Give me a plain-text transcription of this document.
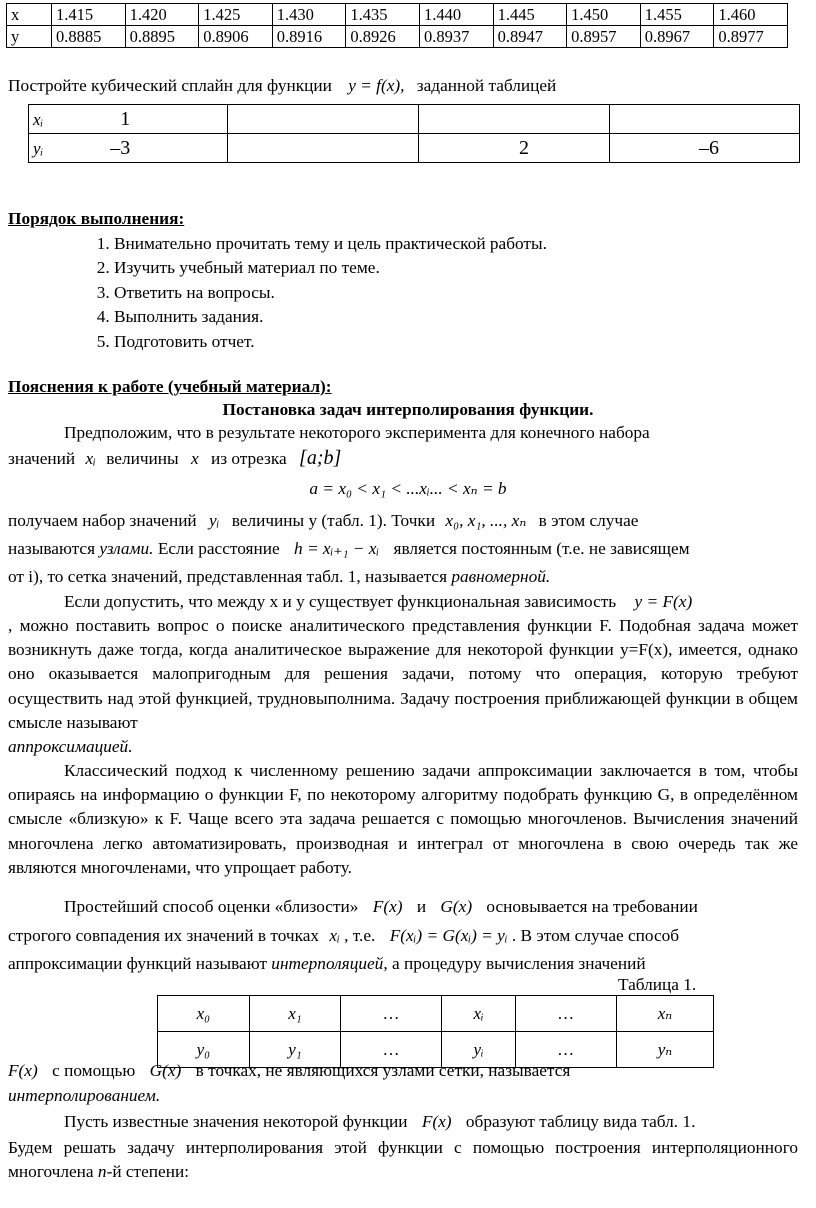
x	1.415	1.420	1.425	1.430	1.435	1.440	1.445	1.450	1.455	1.460
y	0.8885	0.8895	0.8906	0.8916	0.8926	0.8937	0.8947	0.8957	0.8967	0.8977
Постройте кубический сплайн для функции y = f(x), заданной таблицей
xᵢ 1			
yᵢ –3		2	–6
Порядок выполнения:
1. Внимательно прочитать тему и цель практической работы.
2. Изучить учебный материал по теме.
3. Ответить на вопросы.
4. Выполнить задания.
5. Подготовить отчет.
Пояснения к работе (учебный материал):
Постановка задач интерполирования функции.
Предположим, что в результате некоторого эксперимента для конечного набора
значений xᵢ величины x из отрезка [a;b]
a = x₀ < x₁ < ...xᵢ... < xₙ = b
получаем набор значений yᵢ величины y (табл. 1). Точки x₀, x₁, ..., xₙ в этом случае
называются узлами. Если расстояние h = xᵢ₊₁ − xᵢ является постоянным (т.е. не зависящем
от i), то сетка значений, представленная табл. 1, называется равномерной.
Если допустить, что между x и y существует функциональная зависимость y = F(x)
, можно поставить вопрос о поиске аналитического представления функции F. Подобная задача может возникнуть даже тогда, когда аналитическое выражение для некоторой функции y=F(x), имеется, однако оно оказывается малопригодным для решения задачи, потому что операция, которую требуют осуществить над этой функцией, трудновыполнима. Задачу построения приближающей функции в общем смысле называют
аппроксимацией.
Классический подход к численному решению задачи аппроксимации заключается в том, чтобы опираясь на информацию о функции F, по некоторому алгоритму подобрать функцию G, в определённом смысле «близкую» к F. Чаще всего эта задача решается с помощью многочленов. Вычисления значений многочлена легко автоматизировать, производная и интеграл от многочлена в свою очередь так же являются многочленами, что упрощает работу.
Простейший способ оценки «близости» F(x) и G(x) основывается на требовании
строгого совпадения их значений в точках xᵢ , т.е. F(xᵢ) = G(xᵢ) = yᵢ . В этом случае способ
аппроксимации функций называют интерполяцией, а процедуру вычисления значений
Таблица 1.
x₀	x₁	…	xᵢ	…	xₙ
y₀	y₁	…	yᵢ	…	yₙ
F(x) с помощью G(x) в точках, не являющихся узлами сетки, называется
интерполированием.
Пусть известные значения некоторой функции F(x) образуют таблицу вида табл. 1.
Будем решать задачу интерполирования этой функции с помощью построения интерполяционного многочлена n-й степени:
